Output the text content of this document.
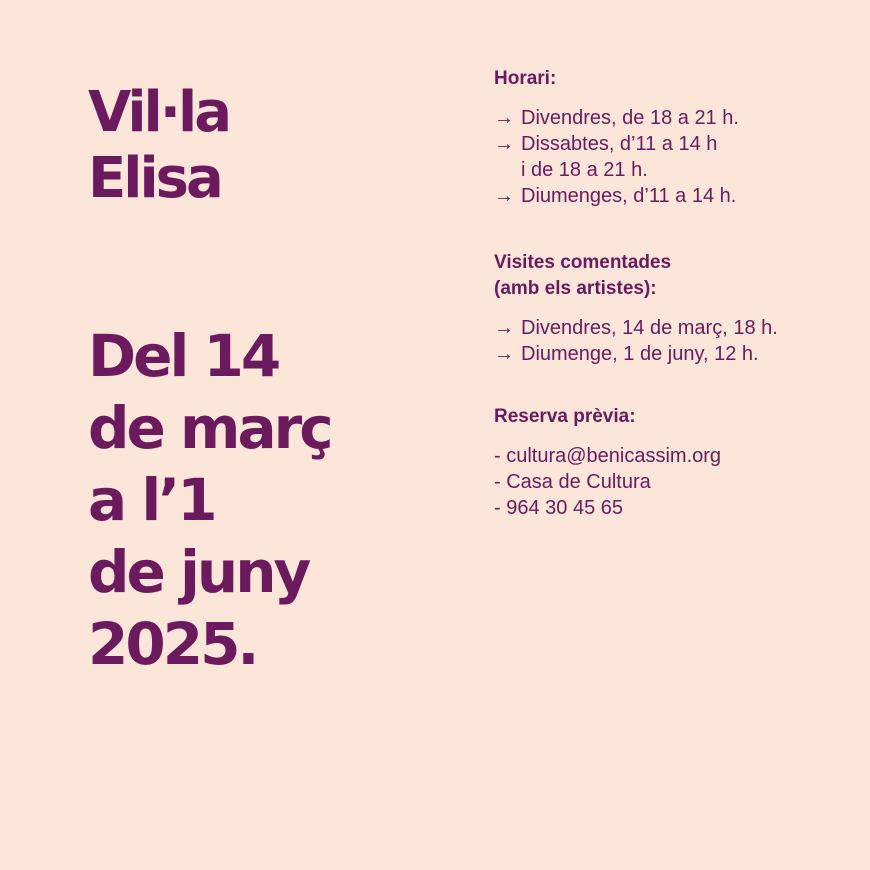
Vil·la
Elisa
Del 14
de març
a l’1
de juny
2025.
Horari:
→ Divendres, de 18 a 21 h.
→ Dissabtes, d’11 a 14 h
i de 18 a 21 h.
→ Diumenges, d’11 a 14 h.
Visites comentades
(amb els artistes):
→ Divendres, 14 de març, 18 h.
→ Diumenge, 1 de juny, 12 h.
Reserva prèvia:
- cultura@benicassim.org
- Casa de Cultura
- 964 30 45 65
